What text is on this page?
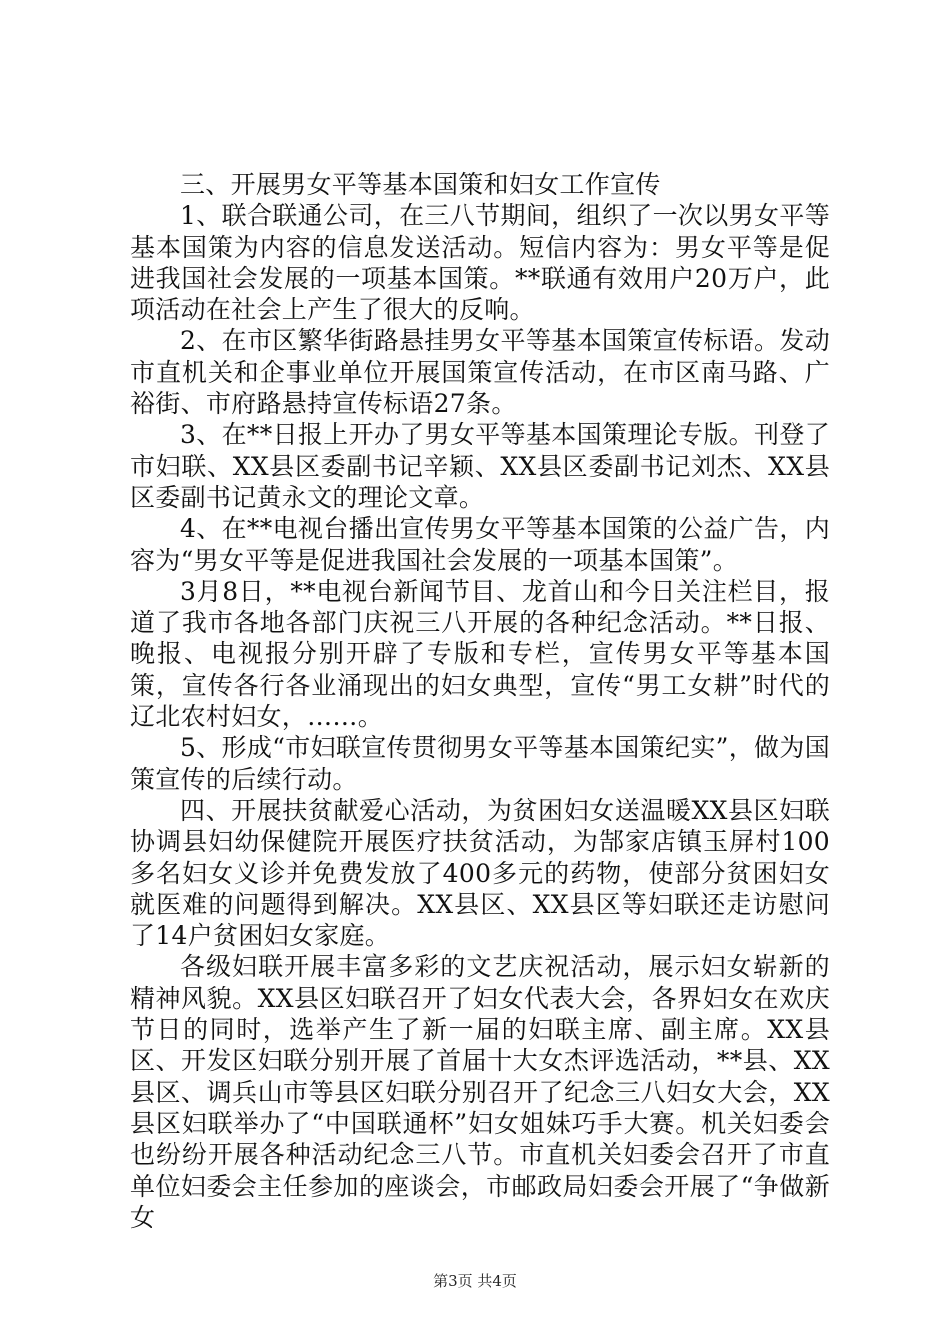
三、开展男女平等基本国策和妇女工作宣传

1、联合联通公司，在三八节期间，组织了一次以男女平等基本国策为内容的信息发送活动。短信内容为：男女平等是促进我国社会发展的一项基本国策。**联通有效用户20万户，此项活动在社会上产生了很大的反响。

2、在市区繁华街路悬挂男女平等基本国策宣传标语。发动市直机关和企事业单位开展国策宣传活动，在市区南马路、广裕街、市府路悬持宣传标语27条。

3、在**日报上开办了男女平等基本国策理论专版。刊登了市妇联、XX县区委副书记辛颖、XX县区委副书记刘杰、XX县区委副书记黄永文的理论文章。

4、在**电视台播出宣传男女平等基本国策的公益广告，内容为“男女平等是促进我国社会发展的一项基本国策”。

3月8日，**电视台新闻节目、龙首山和今日关注栏目，报道了我市各地各部门庆祝三八开展的各种纪念活动。**日报、晚报、电视报分别开辟了专版和专栏，宣传男女平等基本国策，宣传各行各业涌现出的妇女典型，宣传“男工女耕”时代的辽北农村妇女，……。

5、形成“市妇联宣传贯彻男女平等基本国策纪实”，做为国策宣传的后续行动。

四、开展扶贫献爱心活动，为贫困妇女送温暖XX县区妇联协调县妇幼保健院开展医疗扶贫活动，为郜家店镇玉屏村100多名妇女义诊并免费发放了400多元的药物，使部分贫困妇女就医难的问题得到解决。XX县区、XX县区等妇联还走访慰问了14户贫困妇女家庭。

各级妇联开展丰富多彩的文艺庆祝活动，展示妇女崭新的精神风貌。XX县区妇联召开了妇女代表大会，各界妇女在欢庆节日的同时，选举产生了新一届的妇联主席、副主席。XX县区、开发区妇联分别开展了首届十大女杰评选活动，**县、XX县区、调兵山市等县区妇联分别召开了纪念三八妇女大会，XX县区妇联举办了“中国联通杯”妇女姐妹巧手大赛。机关妇委会也纷纷开展各种活动纪念三八节。市直机关妇委会召开了市直单位妇委会主任参加的座谈会，市邮政局妇委会开展了“争做新女

第3页 共4页
